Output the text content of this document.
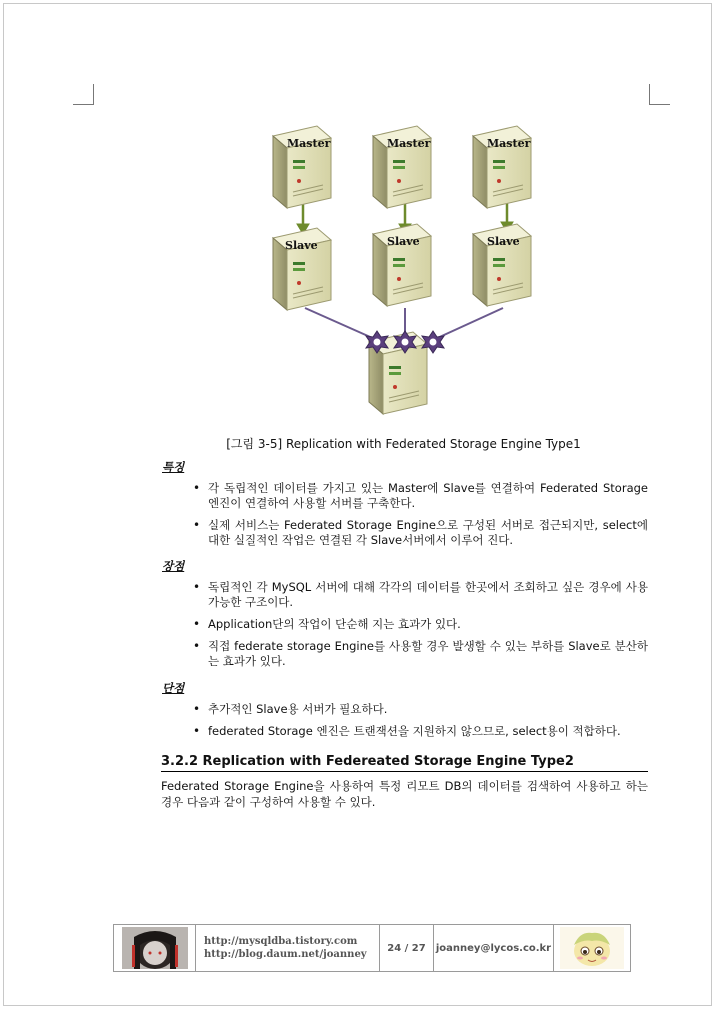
Master	Master	Master
Slave	Slave	Slave
[그림 3-5] Replication with Federated Storage Engine Type1
특징
• 각 독립적인 데이터를 가지고 있는 Master에 Slave를 연결하여 Federated Storage 엔진이 연결하여 사용할 서버를 구축한다.
• 실제 서비스는 Federated Storage Engine으로 구성된 서버로 접근되지만, select에 대한 실질적인 작업은 연결된 각 Slave서버에서 이루어 진다.
장점
• 독립적인 각 MySQL 서버에 대해 각각의 데이터를 한곳에서 조회하고 싶은 경우에 사용 가능한 구조이다.
• Application단의 작업이 단순해 지는 효과가 있다.
• 직접 federate storage Engine를 사용할 경우 발생할 수 있는 부하를 Slave로 분산하는 효과가 있다.
단점
• 추가적인 Slave용 서버가 필요하다.
• federated Storage 엔진은 트랜잭션을 지원하지 않으므로, select용이 적합하다.
3.2.2 Replication with Federeated Storage Engine Type2
Federated Storage Engine을 사용하여 특정 리모트 DB의 데이터를 검색하여 사용하고 하는 경우 다음과 같이 구성하여 사용할 수 있다.
http://mysqldba.tistory.com
http://blog.daum.net/joanney
24 / 27	joanney@lycos.co.kr
